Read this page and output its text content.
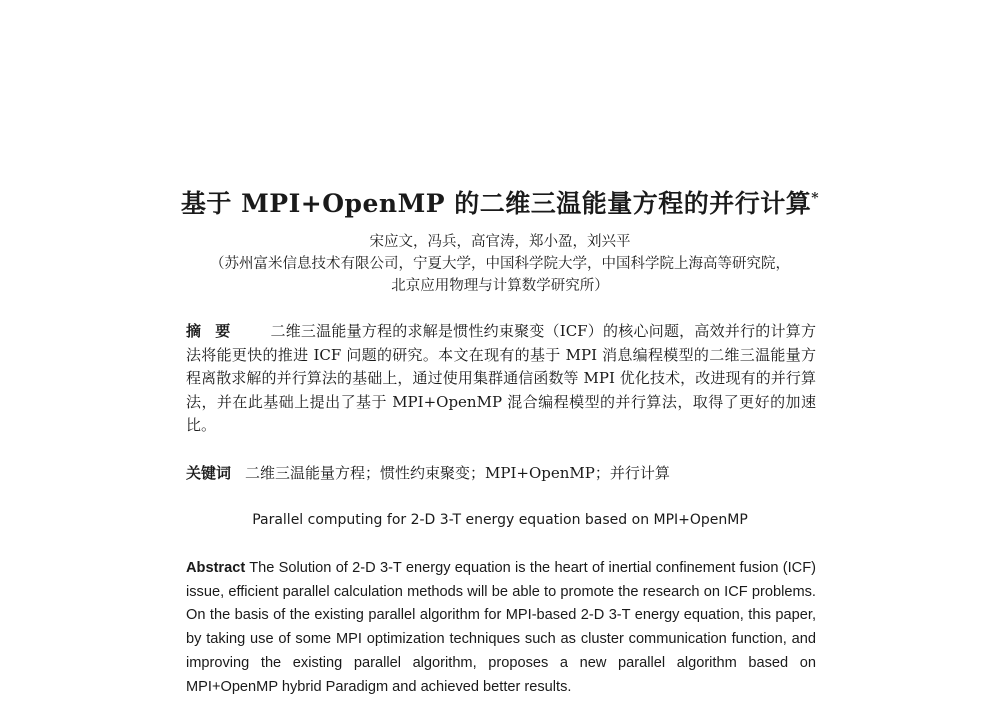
基于 MPI+OpenMP 的二维三温能量方程的并行计算*
宋应文，冯兵，高官涛，郑小盈，刘兴平
（苏州富米信息技术有限公司，宁夏大学，中国科学院大学，中国科学院上海高等研究院，
北京应用物理与计算数学研究所）
摘要 二维三温能量方程的求解是惯性约束聚变（ICF）的核心问题，高效并行的计算方法将能更快的推进 ICF 问题的研究。本文在现有的基于 MPI 消息编程模型的二维三温能量方程离散求解的并行算法的基础上，通过使用集群通信函数等 MPI 优化技术，改进现有的并行算法，并在此基础上提出了基于 MPI+OpenMP 混合编程模型的并行算法，取得了更好的加速比。
关键词 二维三温能量方程；惯性约束聚变；MPI+OpenMP；并行计算
Parallel computing for 2-D 3-T energy equation based on MPI+OpenMP
Abstract The Solution of 2-D 3-T energy equation is the heart of inertial confinement fusion (ICF) issue, efficient parallel calculation methods will be able to promote the research on ICF problems. On the basis of the existing parallel algorithm for MPI-based 2-D 3-T energy equation, this paper, by taking use of some MPI optimization techniques such as cluster communication function, and improving the existing parallel algorithm, proposes a new parallel algorithm based on MPI+OpenMP hybrid Paradigm and achieved better results.
